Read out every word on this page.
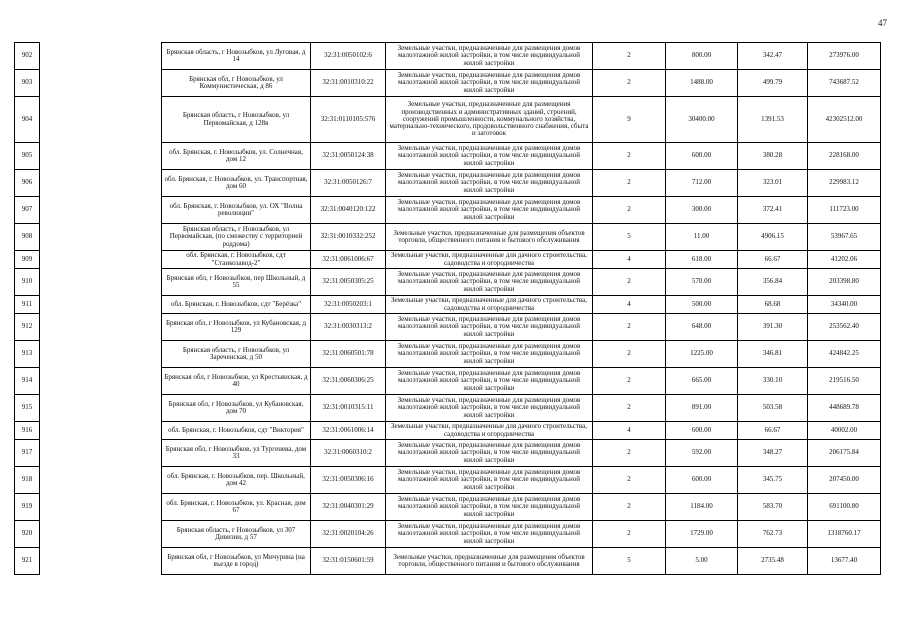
47
902		Брянская область, г Новозыбков, ул Луговая, д 14	32:31:0050102:6	Земельные участки, предназначенные для размещения домов малоэтажной жилой застройки, в том числе индивидуальной жилой застройки	2	800.00	342.47	273976.00
903		Брянская обл, г Новозыбков, ул Коммунистическая, д 86	32:31:0010310:22	Земельные участки, предназначенные для размещения домов малоэтажной жилой застройки, в том числе индивидуальной жилой застройки	2	1488.00	499.79	743687.52
904		Брянская область, г Новозыбков, ул Первомайская, д 128в	32:31:0110105:576	Земельные участки, предназначенные для размещения производственных и административных зданий, строений, сооружений промышленности, коммунального хозяйства, материально-технического, продовольственного снабжения, сбыта и заготовок	9	30400.00	1391.53	42302512.00
905		обл. Брянская, г. Новозыбков, ул. Солнечная, дом 12	32:31:0050124:38	Земельные участки, предназначенные для размещения домов малоэтажной жилой застройки, в том числе индивидуальной жилой застройки	2	600.00	380.28	228168.00
906		обл. Брянская, г. Новозыбков, ул. Транспортная, дом 60	32:31:0050126:7	Земельные участки, предназначенные для размещения домов малоэтажной жилой застройки, в том числе индивидуальной жилой застройки	2	712.00	323.01	229983.12
907		обл. Брянская, г. Новозыбков, ул. ОХ "Волна революции"	32:31:0040120:122	Земельные участки, предназначенные для размещения домов малоэтажной жилой застройки, в том числе индивидуальной жилой застройки	2	300.00	372.41	111723.00
908		Брянская область, г Новозыбков, ул Первомайская, (по смежеству с территорией роддома)	32:31:0010332:252	Земельные участки, предназначенные для размещения объектов торговли, общественного питания и бытового обслуживания	5	11.00	4906.15	53967.65
909		обл. Брянская, г. Новозыбков, сдт "Станкозавод-2"	32:31:0061006:67	Земельные участки, предназначенные для дачного строительства, садоводства и огородничества	4	618.00	66.67	41202.06
910		Брянская обл, г Новозыбков, пер Школьный, д 55	32:31:0050305:25	Земельные участки, предназначенные для размещения домов малоэтажной жилой застройки, в том числе индивидуальной жилой застройки	2	570.00	356.84	203398.80
911		обл. Брянская, г. Новозыбков, сдт "Берёзка"	32:31:0050203:1	Земельные участки, предназначенные для дачного строительства, садоводства и огородничества	4	500.00	68.68	34340.00
912		Брянская обл, г Новозыбков, ул Кубановская, д 129	32:31:0030313:2	Земельные участки, предназначенные для размещения домов малоэтажной жилой застройки, в том числе индивидуальной жилой застройки	2	648.00	391.30	253562.40
913		Брянская область, г Новозыбков, ул Зареченская, д 50	32:31:0060501:78	Земельные участки, предназначенные для размещения домов малоэтажной жилой застройки, в том числе индивидуальной жилой застройки	2	1225.00	346.81	424842.25
914		Брянская обл, г Новозыбков, ул Крестьянская, д 40	32:31:0060306:25	Земельные участки, предназначенные для размещения домов малоэтажной жилой застройки, в том числе индивидуальной жилой застройки	2	665.00	330.10	219516.50
915		Брянская обл, г Новозыбков, ул Кубановская, дом 70	32:31:0010315:11	Земельные участки, предназначенные для размещения домов малоэтажной жилой застройки, в том числе индивидуальной жилой застройки	2	891.00	503.58	448689.78
916		обл. Брянская, г. Новозыбков, сдт "Виктория"	32:31:0061006:14	Земельные участки, предназначенные для дачного строительства, садоводства и огородничества	4	600.00	66.67	40002.00
917		Брянская обл, г Новозыбков, ул Тургенева, дом 33	32:31:0060310:2	Земельные участки, предназначенные для размещения домов малоэтажной жилой застройки, в том числе индивидуальной жилой застройки	2	592.00	348.27	206175.84
918		обл. Брянская, г. Новозыбков, пер. Школьный, дом 42	32:31:0050306:16	Земельные участки, предназначенные для размещения домов малоэтажной жилой застройки, в том числе индивидуальной жилой застройки	2	600.00	345.75	207450.00
919		обл. Брянская, г. Новозыбков, ул. Красная, дом 67	32:31:0040301:29	Земельные участки, предназначенные для размещения домов малоэтажной жилой застройки, в том числе индивидуальной жилой застройки	2	1184.00	583.70	691100.80
920		Брянская область, г Новозыбков, ул 307 Дивизии, д 57	32:31:0020104:26	Земельные участки, предназначенные для размещения домов малоэтажной жилой застройки, в том числе индивидуальной жилой застройки	2	1729.00	762.73	1318760.17
921		Брянская обл, г Новозыбков, ул Мичурина (на въезде в город)	32:31:0150601:59	Земельные участки, предназначенные для размещения объектов торговли, общественного питания и бытового обслуживания	5	5.00	2735.48	13677.40
